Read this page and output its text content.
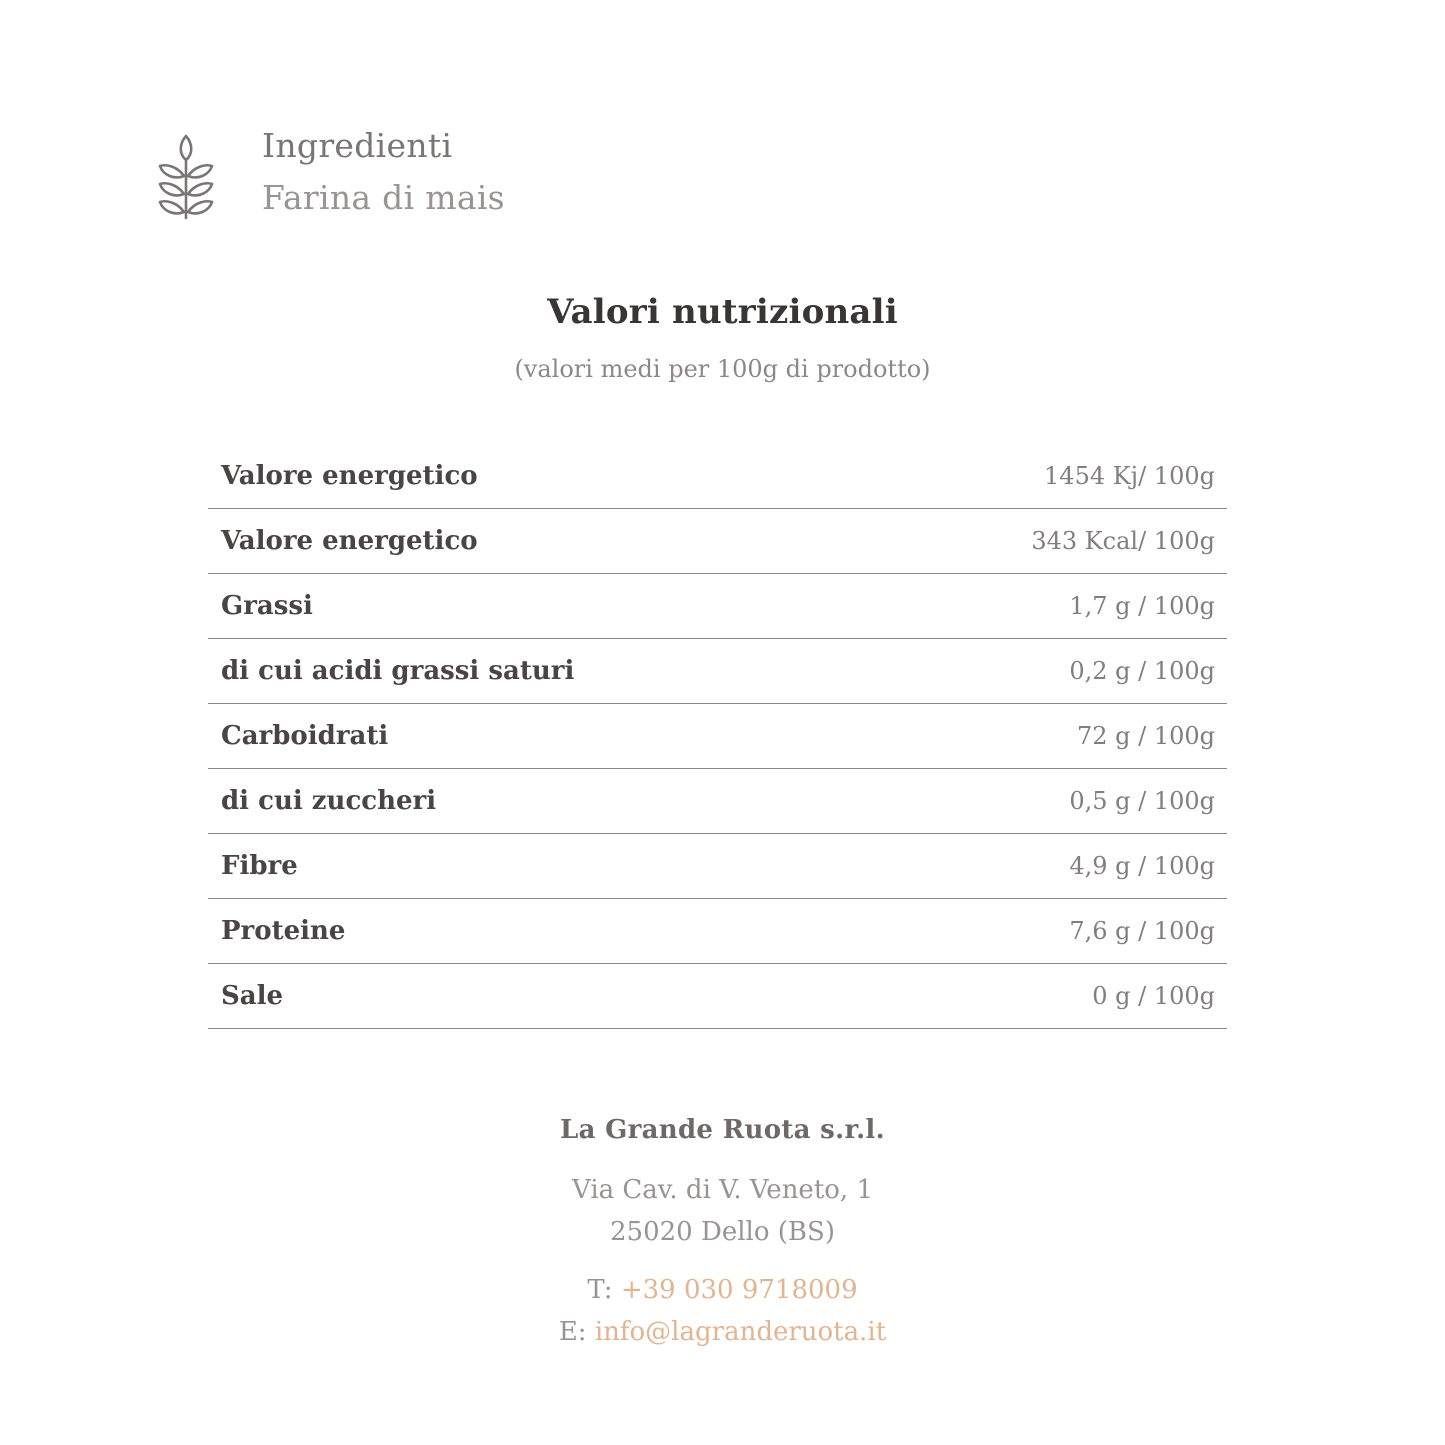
Ingredienti
Farina di mais
Valori nutrizionali
(valori medi per 100g di prodotto)
Valore energetico	1454 Kj/ 100g
Valore energetico	343 Kcal/ 100g
Grassi	1,7 g / 100g
di cui acidi grassi saturi	0,2 g / 100g
Carboidrati	72 g / 100g
di cui zuccheri	0,5 g / 100g
Fibre	4,9 g / 100g
Proteine	7,6 g / 100g
Sale	0 g / 100g
La Grande Ruota s.r.l.
Via Cav. di V. Veneto, 1
25020 Dello (BS)
T: +39 030 9718009
E: info@lagranderuota.it
